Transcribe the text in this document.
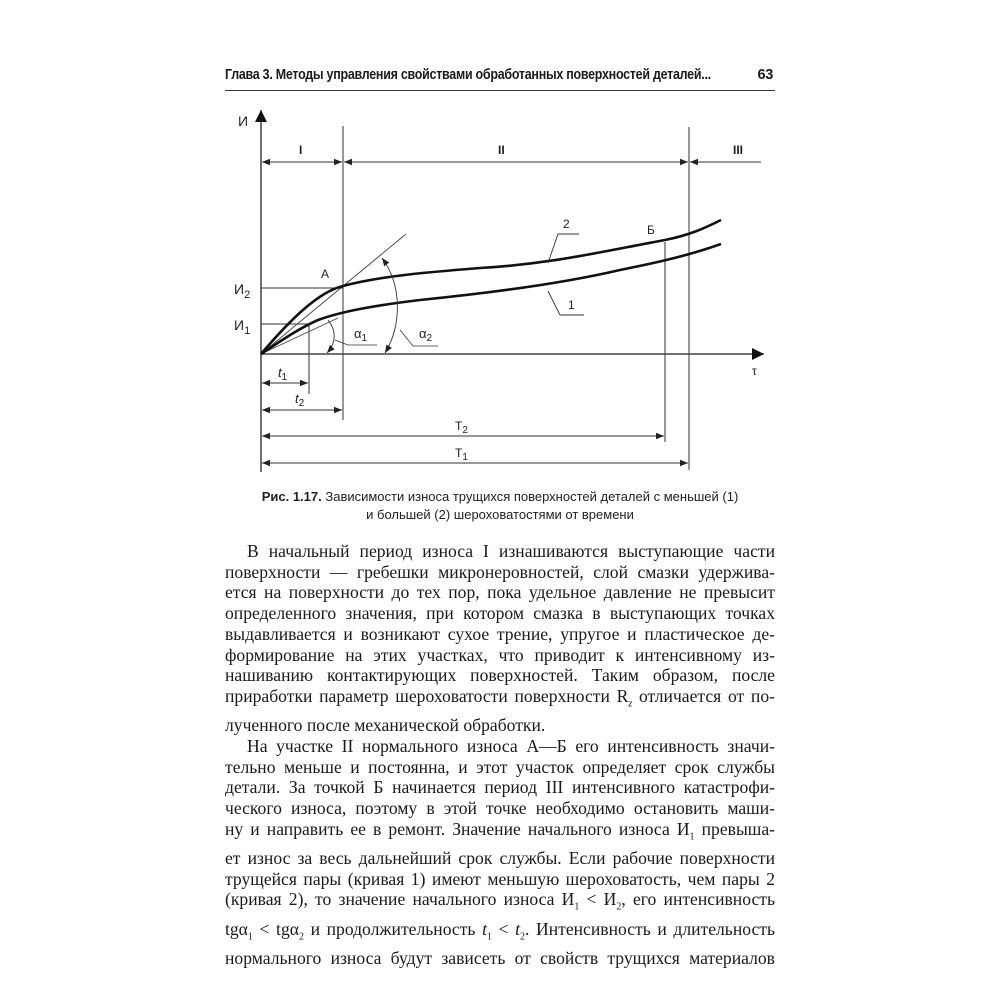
Глава 3. Методы управления свойствами обработанных поверхностей деталей...	63
И
τ
I	II	III
$И_2$
$И_1$
А
Б
2
1
$\alpha_1$	$\alpha_2$
$t_1$
$t_2$
$T_2$
$T_1$
Рис. 1.17. Зависимости износа трущихся поверхностей деталей с меньшей (1)
и большей (2) шероховатостями от времени
В начальный период износа I изнашиваются выступающие части
поверхности — гребешки микронеровностей, слой смазки удержива-
ется на поверхности до тех пор, пока удельное давление не превысит
определенного значения, при котором смазка в выступающих точках
выдавливается и возникают сухое трение, упругое и пластическое де-
формирование на этих участках, что приводит к интенсивному из-
нашиванию контактирующих поверхностей. Таким образом, после
приработки параметр шероховатости поверхности $R_z$ отличается от по-
лученного после механической обработки.
На участке II нормального износа А—Б его интенсивность значи-
тельно меньше и постоянна, и этот участок определяет срок службы
детали. За точкой Б начинается период III интенсивного катастрофи-
ческого износа, поэтому в этой точке необходимо остановить маши-
ну и направить ее в ремонт. Значение начального износа $И_1$ превыша-
ет износ за весь дальнейший срок службы. Если рабочие поверхности
трущейся пары (кривая 1) имеют меньшую шероховатость, чем пары 2
(кривая 2), то значение начального износа $И_1 < И_2$, его интенсивность
tgα$_1$ < tgα$_2$ и продолжительность $t_1 < t_2$. Интенсивность и длительность
нормального износа будут зависеть от свойств трущихся материалов
